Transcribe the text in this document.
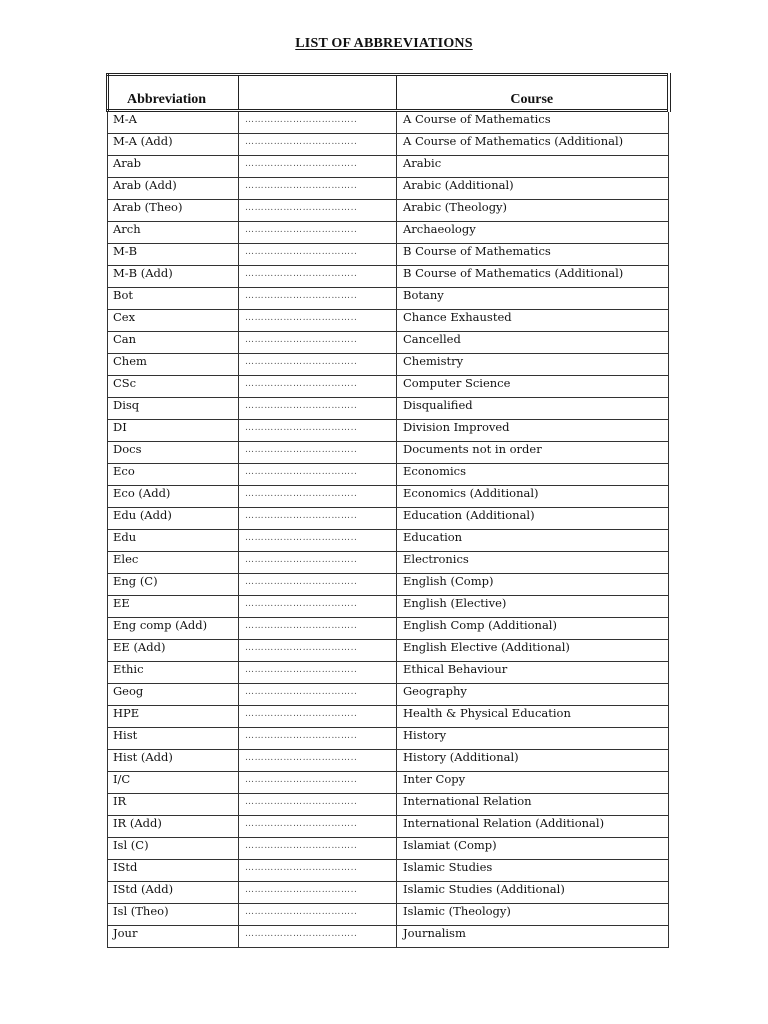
LIST OF ABBREVIATIONS
Abbreviation		Course
M-A	……………………………..	A Course of Mathematics
M-A (Add)	……………………………..	A Course of Mathematics (Additional)
Arab	……………………………..	Arabic
Arab (Add)	……………………………..	Arabic (Additional)
Arab (Theo)	……………………………..	Arabic (Theology)
Arch	……………………………..	Archaeology
M-B	……………………………..	B Course of Mathematics
M-B (Add)	……………………………..	B Course of Mathematics (Additional)
Bot	……………………………..	Botany
Cex	……………………………..	Chance Exhausted
Can	……………………………..	Cancelled
Chem	……………………………..	Chemistry
CSc	……………………………..	Computer Science
Disq	……………………………..	Disqualified
DI	……………………………..	Division Improved
Docs	……………………………..	Documents not in order
Eco	……………………………..	Economics
Eco (Add)	……………………………..	Economics (Additional)
Edu (Add)	……………………………..	Education (Additional)
Edu	……………………………..	Education
Elec	……………………………..	Electronics
Eng (C)	……………………………..	English (Comp)
EE	……………………………..	English (Elective)
Eng comp (Add)	……………………………..	English Comp (Additional)
EE (Add)	……………………………..	English Elective (Additional)
Ethic	……………………………..	Ethical Behaviour
Geog	……………………………..	Geography
HPE	……………………………..	Health & Physical Education
Hist	……………………………..	History
Hist (Add)	……………………………..	History (Additional)
I/C	……………………………..	Inter Copy
IR	……………………………..	International Relation
IR (Add)	……………………………..	International Relation (Additional)
Isl (C)	……………………………..	Islamiat (Comp)
IStd	……………………………..	Islamic Studies
IStd (Add)	……………………………..	Islamic Studies (Additional)
Isl (Theo)	……………………………..	Islamic (Theology)
Jour	……………………………..	Journalism
